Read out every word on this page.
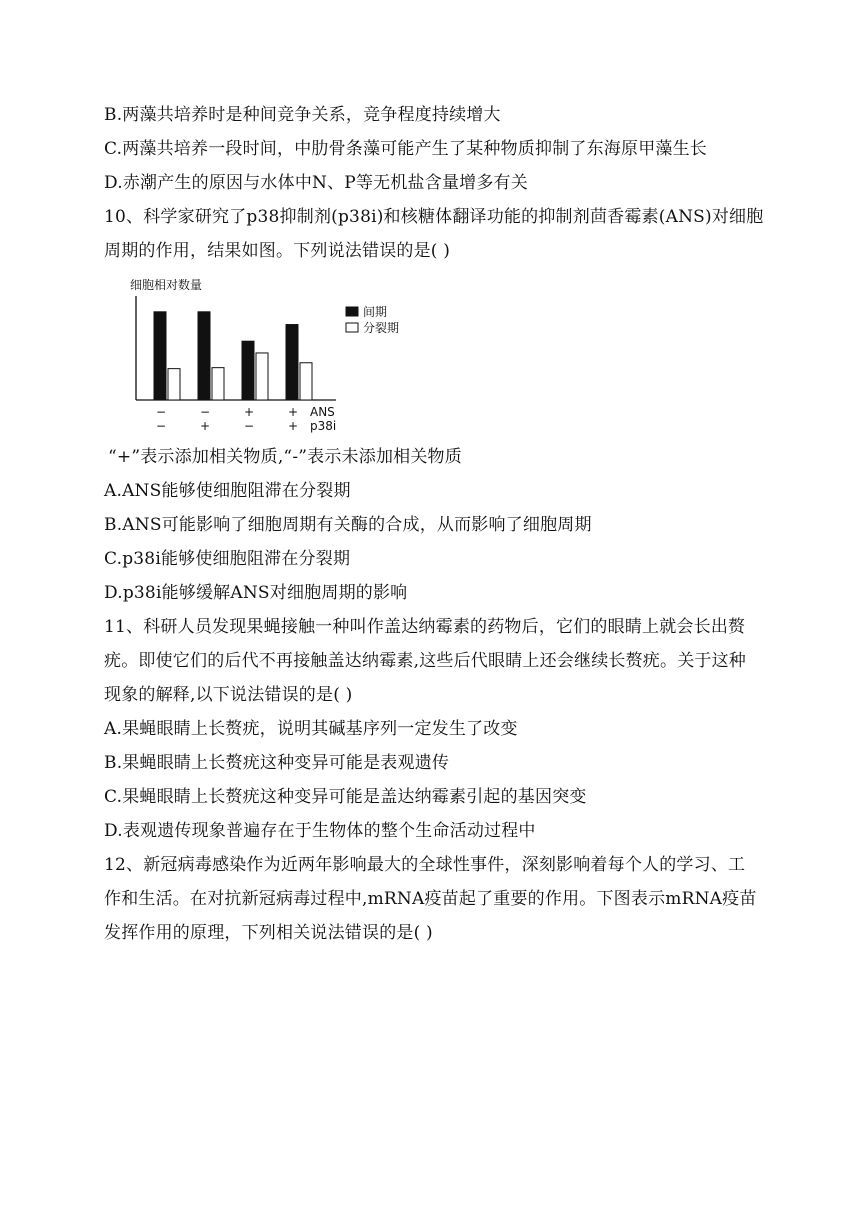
B.两藻共培养时是种间竞争关系，竞争程度持续增大
C.两藻共培养一段时间，中肋骨条藻可能产生了某种物质抑制了东海原甲藻生长
D.赤潮产生的原因与水体中N、P等无机盐含量增多有关
10、科学家研究了p38抑制剂(p38i)和核糖体翻译功能的抑制剂茴香霉素(ANS)对细胞
周期的作用，结果如图。下列说法错误的是( )
细胞相对数量
间期
分裂期
−	−	+	+ ANS
−	+	−	+ p38i
“+”表示添加相关物质,“-”表示未添加相关物质
A.ANS能够使细胞阻滞在分裂期
B.ANS可能影响了细胞周期有关酶的合成，从而影响了细胞周期
C.p38i能够使细胞阻滞在分裂期
D.p38i能够缓解ANS对细胞周期的影响
11、科研人员发现果蝇接触一种叫作盖达纳霉素的药物后，它们的眼睛上就会长出赘
疣。即使它们的后代不再接触盖达纳霉素,这些后代眼睛上还会继续长赘疣。关于这种
现象的解释,以下说法错误的是( )
A.果蝇眼睛上长赘疣，说明其碱基序列一定发生了改变
B.果蝇眼睛上长赘疣这种变异可能是表观遗传
C.果蝇眼睛上长赘疣这种变异可能是盖达纳霉素引起的基因突变
D.表观遗传现象普遍存在于生物体的整个生命活动过程中
12、新冠病毒感染作为近两年影响最大的全球性事件，深刻影响着每个人的学习、工
作和生活。在对抗新冠病毒过程中,mRNA疫苗起了重要的作用。下图表示mRNA疫苗
发挥作用的原理，下列相关说法错误的是( )
